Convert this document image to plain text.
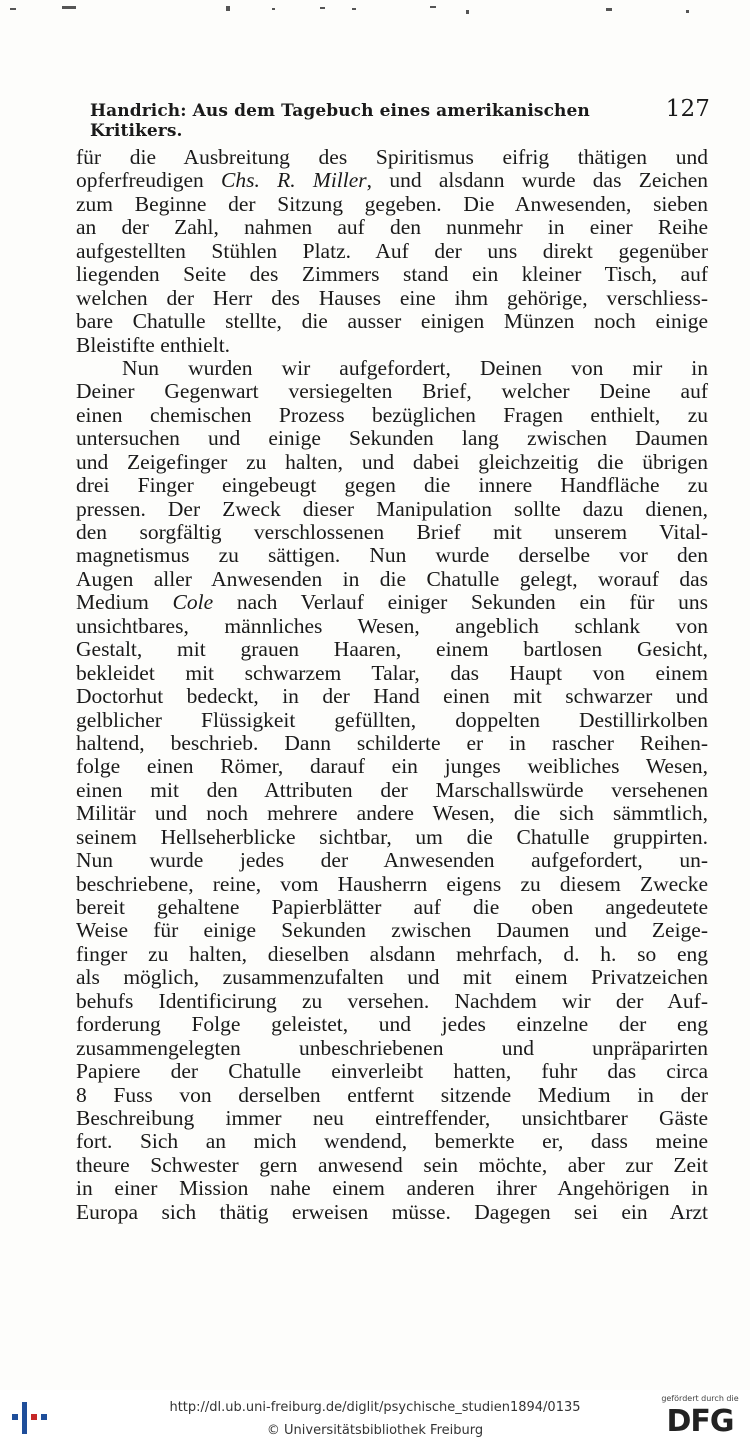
Handrich: Aus dem Tagebuch eines amerikanischen Kritikers.
127
für die Ausbreitung des Spiritismus eifrig thätigen und
opferfreudigen Chs. R. Miller, und alsdann wurde das Zeichen
zum Beginne der Sitzung gegeben. Die Anwesenden, sieben
an der Zahl, nahmen auf den nunmehr in einer Reihe
aufgestellten Stühlen Platz. Auf der uns direkt gegenüber
liegenden Seite des Zimmers stand ein kleiner Tisch, auf
welchen der Herr des Hauses eine ihm gehörige, verschliess-
bare Chatulle stellte, die ausser einigen Münzen noch einige
Bleistifte enthielt.
Nun wurden wir aufgefordert, Deinen von mir in
Deiner Gegenwart versiegelten Brief, welcher Deine auf
einen chemischen Prozess bezüglichen Fragen enthielt, zu
untersuchen und einige Sekunden lang zwischen Daumen
und Zeigefinger zu halten, und dabei gleichzeitig die übrigen
drei Finger eingebeugt gegen die innere Handfläche zu
pressen. Der Zweck dieser Manipulation sollte dazu dienen,
den sorgfältig verschlossenen Brief mit unserem Vital-
magnetismus zu sättigen. Nun wurde derselbe vor den
Augen aller Anwesenden in die Chatulle gelegt, worauf das
Medium Cole nach Verlauf einiger Sekunden ein für uns
unsichtbares, männliches Wesen, angeblich schlank von
Gestalt, mit grauen Haaren, einem bartlosen Gesicht,
bekleidet mit schwarzem Talar, das Haupt von einem
Doctorhut bedeckt, in der Hand einen mit schwarzer und
gelblicher Flüssigkeit gefüllten, doppelten Destillirkolben
haltend, beschrieb. Dann schilderte er in rascher Reihen-
folge einen Römer, darauf ein junges weibliches Wesen,
einen mit den Attributen der Marschallswürde versehenen
Militär und noch mehrere andere Wesen, die sich sämmtlich,
seinem Hellseherblicke sichtbar, um die Chatulle gruppirten.
Nun wurde jedes der Anwesenden aufgefordert, un-
beschriebene, reine, vom Hausherrn eigens zu diesem Zwecke
bereit gehaltene Papierblätter auf die oben angedeutete
Weise für einige Sekunden zwischen Daumen und Zeige-
finger zu halten, dieselben alsdann mehrfach, d. h. so eng
als möglich, zusammenzufalten und mit einem Privatzeichen
behufs Identificirung zu versehen. Nachdem wir der Auf-
forderung Folge geleistet, und jedes einzelne der eng
zusammengelegten unbeschriebenen und unpräparirten
Papiere der Chatulle einverleibt hatten, fuhr das circa
8 Fuss von derselben entfernt sitzende Medium in der
Beschreibung immer neu eintreffender, unsichtbarer Gäste
fort. Sich an mich wendend, bemerkte er, dass meine
theure Schwester gern anwesend sein möchte, aber zur Zeit
in einer Mission nahe einem anderen ihrer Angehörigen in
Europa sich thätig erweisen müsse. Dagegen sei ein Arzt
http://dl.ub.uni-freiburg.de/diglit/psychische_studien1894/0135
© Universitätsbibliothek Freiburg
gefördert durch die
DFG
